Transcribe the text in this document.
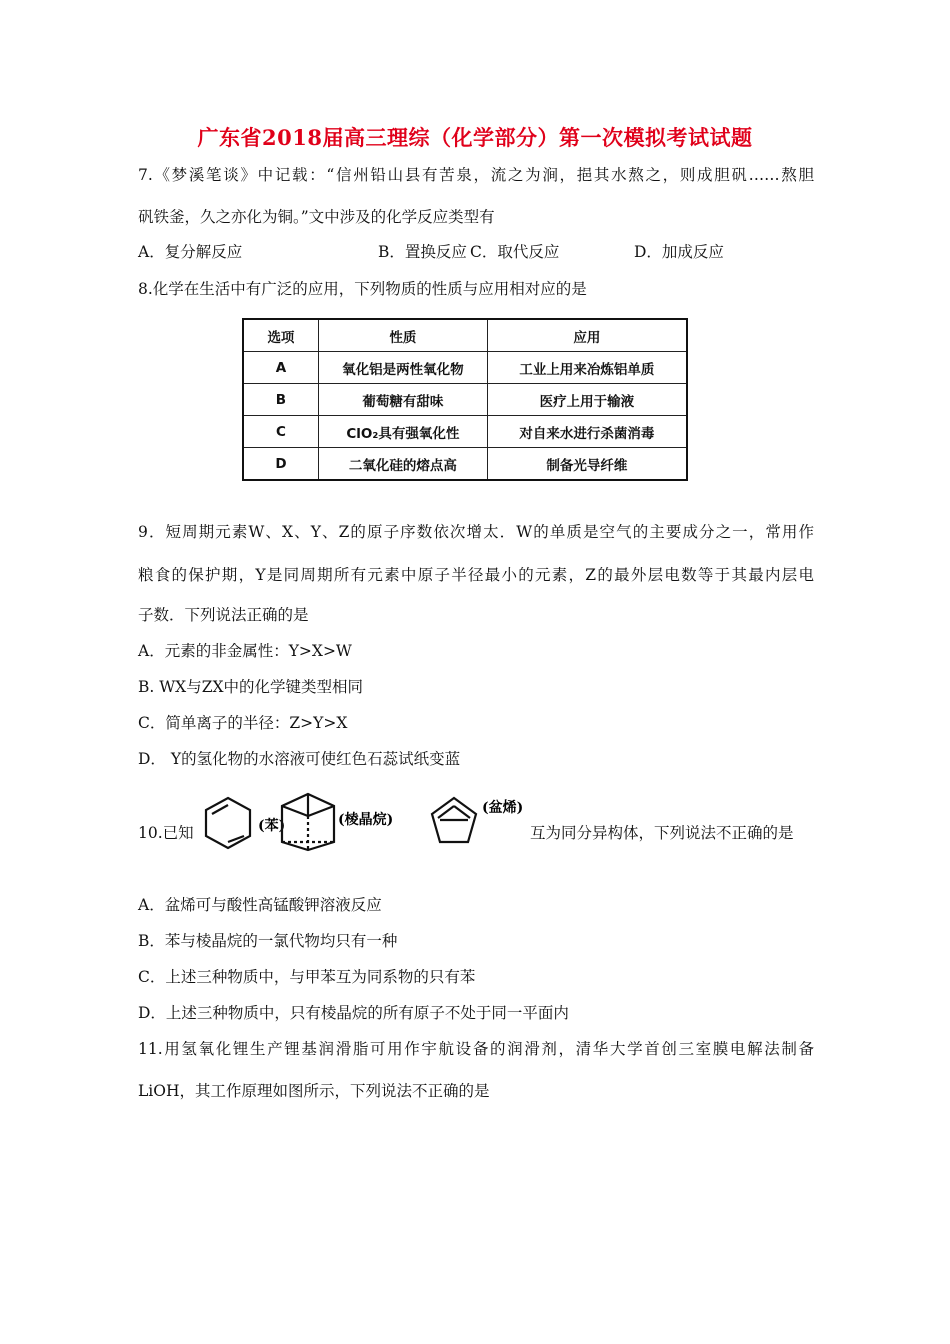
广东省2018届高三理综（化学部分）第一次模拟考试试题
7.《梦溪笔谈》中记载：“信州铅山县有苦泉，流之为涧，挹其水熬之，则成胆矾……熬胆
矾铁釜，久之亦化为铜。”文中涉及的化学反应类型有
A．复分解反应	B．置换反应 C．取代反应	D．加成反应
8.化学在生活中有广泛的应用，下列物质的性质与应用相对应的是
选项	性质	应用
A	氧化铝是两性氧化物	工业上用来冶炼铝单质
B	葡萄糖有甜味	医疗上用于输液
C	ClO₂具有强氧化性	对自来水进行杀菌消毒
D	二氧化硅的熔点高	制备光导纤维
9．短周期元素W、X、Y、Z的原子序数依次增太．W的单质是空气的主要成分之一，常用作
粮食的保护期，Y是同周期所有元素中原子半径最小的元素，Z的最外层电数等于其最内层电
子数．下列说法正确的是
A．元素的非金属性：Y>X>W
B. WX与ZX中的化学键类型相同
C．简单离子的半径：Z>Y>X
D． Y的氢化物的水溶液可使红色石蕊试纸变蓝
10.已知	(苯)	(棱晶烷)
(盆烯)
互为同分异构体，下列说法不正确的是
A．盆烯可与酸性高锰酸钾溶液反应
B．苯与棱晶烷的一氯代物均只有一种
C．上述三种物质中，与甲苯互为同系物的只有苯
D．上述三种物质中，只有棱晶烷的所有原子不处于同一平面内
11.用氢氧化锂生产锂基润滑脂可用作宇航设备的润滑剂，清华大学首创三室膜电解法制备
LiOH，其工作原理如图所示，下列说法不正确的是
